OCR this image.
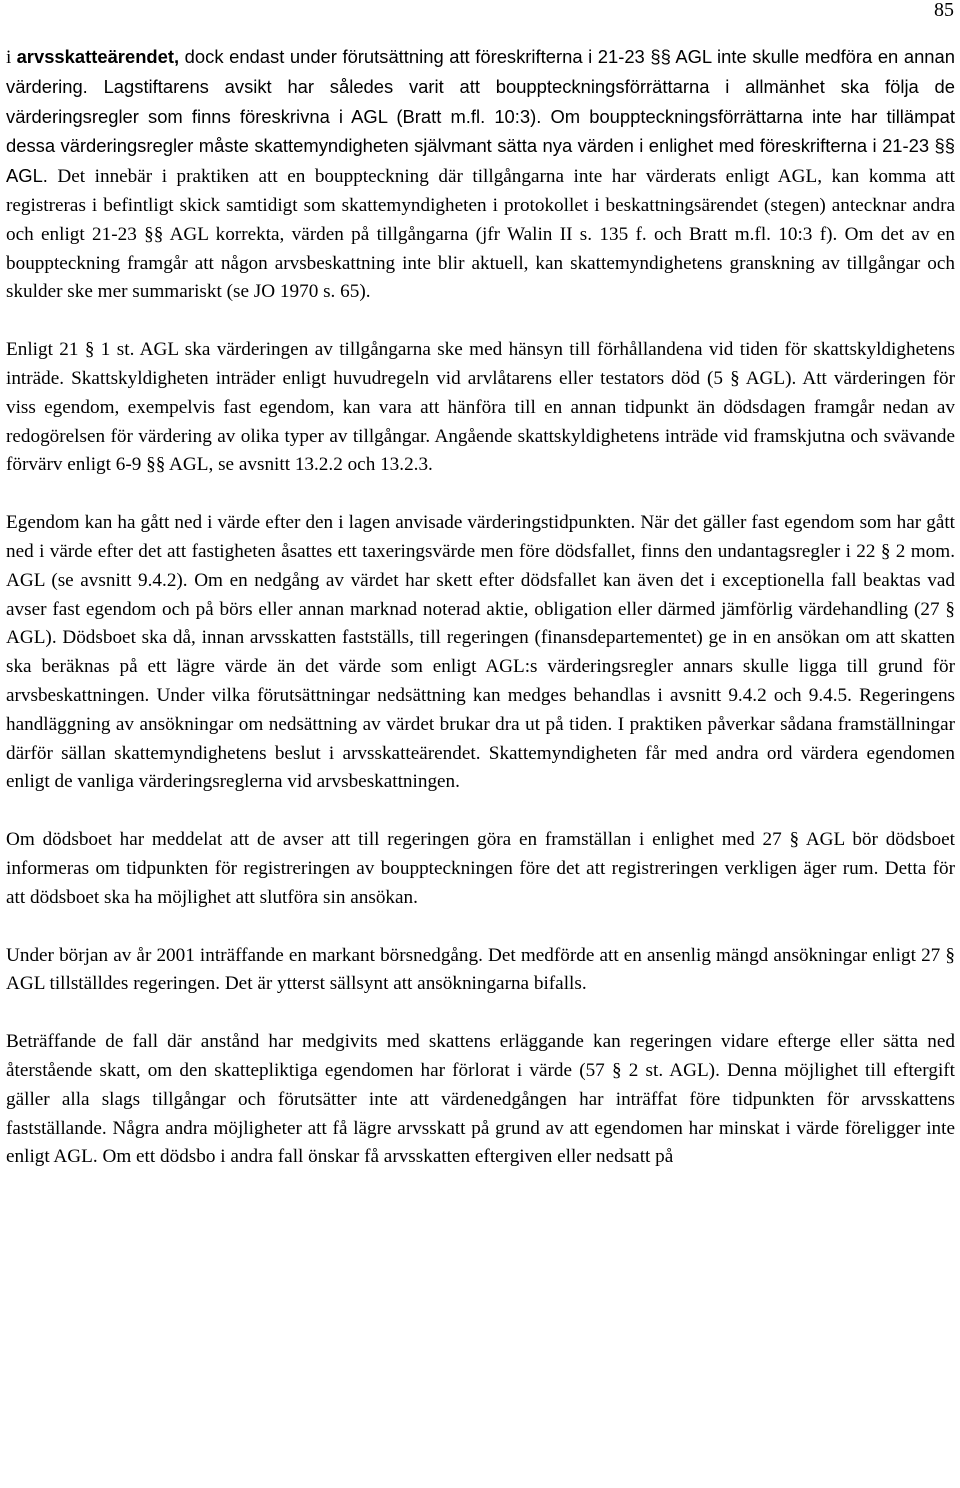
85

i arvsskatteärendet, dock endast under förutsättning att föreskrifterna i 21-23 §§ AGL inte skulle medföra en annan värdering. Lagstiftarens avsikt har således varit att bouppteckningsförrättarna i allmänhet ska följa de värderingsregler som finns föreskrivna i AGL (Bratt m.fl. 10:3). Om bouppteckningsförrättarna inte har tillämpat dessa värderingsregler måste skattemyndigheten självmant sätta nya värden i enlighet med föreskrifterna i 21-23 §§ AGL. Det innebär i praktiken att en bouppteckning där tillgångarna inte har värderats enligt AGL, kan komma att registreras i befintligt skick samtidigt som skattemyndigheten i protokollet i beskattningsärendet (stegen) antecknar andra och enligt 21-23 §§ AGL korrekta, värden på tillgångarna (jfr Walin II s. 135 f. och Bratt m.fl. 10:3 f). Om det av en bouppteckning framgår att någon arvsbeskattning inte blir aktuell, kan skattemyndighetens granskning av tillgångar och skulder ske mer summariskt (se JO 1970 s. 65).

Enligt 21 § 1 st. AGL ska värderingen av tillgångarna ske med hänsyn till förhållandena vid tiden för skattskyldighetens inträde. Skattskyldigheten inträder enligt huvudregeln vid arvlåtarens eller testators död (5 § AGL). Att värderingen för viss egendom, exempelvis fast egendom, kan vara att hänföra till en annan tidpunkt än dödsdagen framgår nedan av redogörelsen för värdering av olika typer av tillgångar. Angående skattskyldighetens inträde vid framskjutna och svävande förvärv enligt 6-9 §§ AGL, se avsnitt 13.2.2 och 13.2.3.

Egendom kan ha gått ned i värde efter den i lagen anvisade värderingstidpunkten. När det gäller fast egendom som har gått ned i värde efter det att fastigheten åsattes ett taxeringsvärde men före dödsfallet, finns den undantagsregler i 22 § 2 mom. AGL (se avsnitt 9.4.2). Om en nedgång av värdet har skett efter dödsfallet kan även det i exceptionella fall beaktas vad avser fast egendom och på börs eller annan marknad noterad aktie, obligation eller därmed jämförlig värdehandling (27 § AGL). Dödsboet ska då, innan arvsskatten fastställs, till regeringen (finansdepartementet) ge in en ansökan om att skatten ska beräknas på ett lägre värde än det värde som enligt AGL:s värderingsregler annars skulle ligga till grund för arvsbeskattningen. Under vilka förutsättningar nedsättning kan medges behandlas i avsnitt 9.4.2 och 9.4.5. Regeringens handläggning av ansökningar om nedsättning av värdet brukar dra ut på tiden. I praktiken påverkar sådana framställningar därför sällan skattemyndighetens beslut i arvsskatteärendet. Skattemyndigheten får med andra ord värdera egendomen enligt de vanliga värderingsreglerna vid arvsbeskattningen.

Om dödsboet har meddelat att de avser att till regeringen göra en framställan i enlighet med 27 § AGL bör dödsboet informeras om tidpunkten för registreringen av bouppteckningen före det att registreringen verkligen äger rum. Detta för att dödsboet ska ha möjlighet att slutföra sin ansökan.

Under början av år 2001 inträffande en markant börsnedgång. Det medförde att en ansenlig mängd ansökningar enligt 27 § AGL tillställdes regeringen. Det är ytterst sällsynt att ansökningarna bifalls.

Beträffande de fall där anstånd har medgivits med skattens erläggande kan regeringen vidare efterge eller sätta ned återstående skatt, om den skattepliktiga egendomen har förlorat i värde (57 § 2 st. AGL). Denna möjlighet till eftergift gäller alla slags tillgångar och förutsätter inte att värdenedgången har inträffat före tidpunkten för arvsskattens fastställande. Några andra möjligheter att få lägre arvsskatt på grund av att egendomen har minskat i värde föreligger inte enligt AGL. Om ett dödsbo i andra fall önskar få arvsskatten eftergiven eller nedsatt på
